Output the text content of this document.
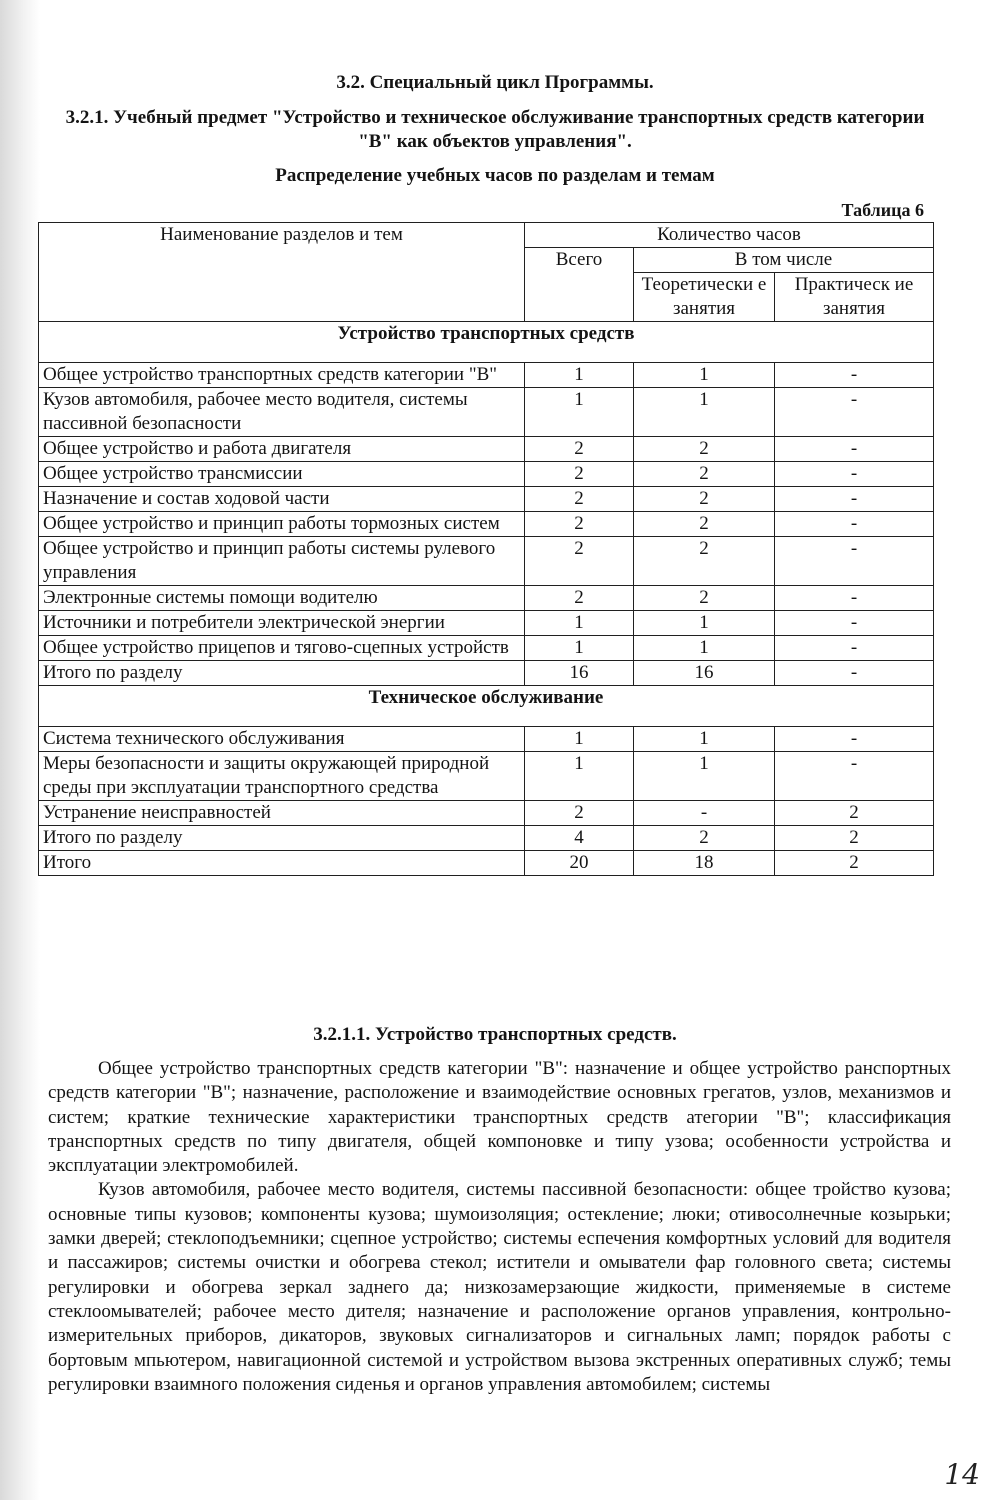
3.2. Специальный цикл Программы.
3.2.1. Учебный предмет "Устройство и техническое обслуживание транспортных средств категории "В" как объектов управления".
Распределение учебных часов по разделам и темам
Таблица 6
Наименование разделов и тем	Количество часов		
	Всего	В том числе	
		Теоретически е занятия	Практическ ие занятия
Устройство транспортных средств			
Общее устройство транспортных средств категории "В"	1	1	-
Кузов автомобиля, рабочее место водителя, системы пассивной безопасности	1	1	-
Общее устройство и работа двигателя	2	2	-
Общее устройство трансмиссии	2	2	-
Назначение и состав ходовой части	2	2	-
Общее устройство и принцип работы тормозных систем	2	2	-
Общее устройство и принцип работы системы рулевого управления	2	2	-
Электронные системы помощи водителю	2	2	-
Источники и потребители электрической энергии	1	1	-
Общее устройство прицепов и тягово-сцепных устройств	1	1	-
Итого по разделу	16	16	-
Техническое обслуживание			
Система технического обслуживания	1	1	-
Меры безопасности и защиты окружающей природной среды при эксплуатации транспортного средства	1	1	-
Устранение неисправностей	2	-	2
Итого по разделу	4	2	2
Итого	20	18	2
3.2.1.1. Устройство транспортных средств.

Общее устройство транспортных средств категории "В": назначение и общее устройство ранспортных средств категории "В"; назначение, расположение и взаимодействие основных грегатов, узлов, механизмов и систем; краткие технические характеристики транспортных средств атегории "В"; классификация транспортных средств по типу двигателя, общей компоновке и типу узова; особенности устройства и эксплуатации электромобилей.

Кузов автомобиля, рабочее место водителя, системы пассивной безопасности: общее тройство кузова; основные типы кузовов; компоненты кузова; шумоизоляция; остекление; люки; отивосолнечные козырьки; замки дверей; стеклоподъемники; сцепное устройство; системы еспечения комфортных условий для водителя и пассажиров; системы очистки и обогрева стекол; истители и омыватели фар головного света; системы регулировки и обогрева зеркал заднего да; низкозамерзающие жидкости, применяемые в системе стеклоомывателей; рабочее место дителя; назначение и расположение органов управления, контрольно-измерительных приборов, дикаторов, звуковых сигнализаторов и сигнальных ламп; порядок работы с бортовым мпьютером, навигационной системой и устройством вызова экстренных оперативных служб; темы регулировки взаимного положения сиденья и органов управления автомобилем; системы

14
